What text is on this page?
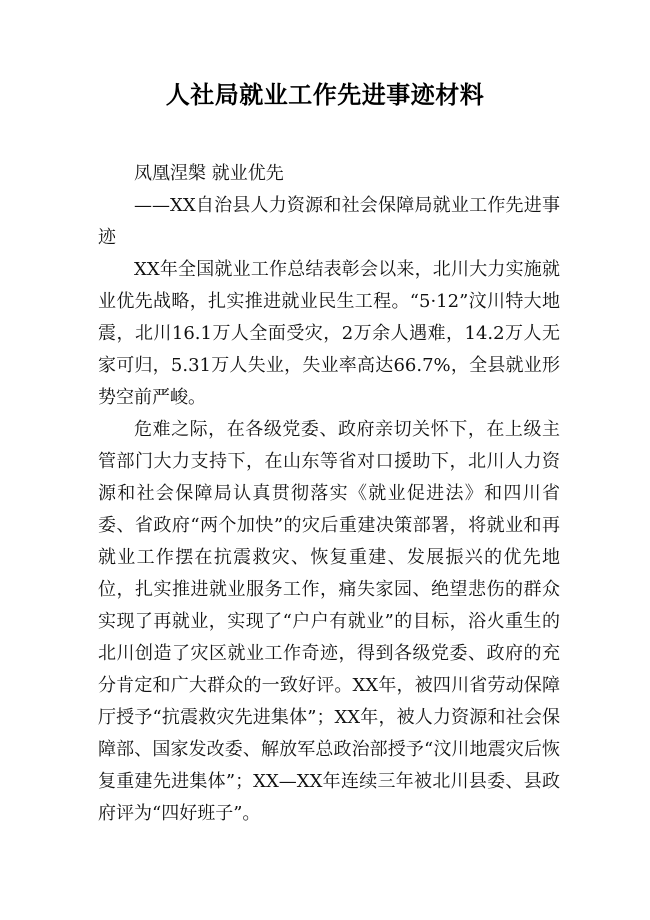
人社局就业工作先进事迹材料

凤凰涅槃 就业优先

——XX自治县人力资源和社会保障局就业工作先进事迹

XX年全国就业工作总结表彰会以来，北川大力实施就业优先战略，扎实推进就业民生工程。“5·12”汶川特大地震，北川16.1万人全面受灾，2万余人遇难，14.2万人无家可归，5.31万人失业，失业率高达66.7%，全县就业形势空前严峻。

危难之际，在各级党委、政府亲切关怀下，在上级主管部门大力支持下，在山东等省对口援助下，北川人力资源和社会保障局认真贯彻落实《就业促进法》和四川省委、省政府“两个加快”的灾后重建决策部署，将就业和再就业工作摆在抗震救灾、恢复重建、发展振兴的优先地位，扎实推进就业服务工作，痛失家园、绝望悲伤的群众实现了再就业，实现了“户户有就业”的目标，浴火重生的北川创造了灾区就业工作奇迹，得到各级党委、政府的充分肯定和广大群众的一致好评。XX年，被四川省劳动保障厅授予“抗震救灾先进集体”；XX年，被人力资源和社会保障部、国家发改委、解放军总政治部授予“汶川地震灾后恢复重建先进集体”；XX—XX年连续三年被北川县委、县政府评为“四好班子”。
